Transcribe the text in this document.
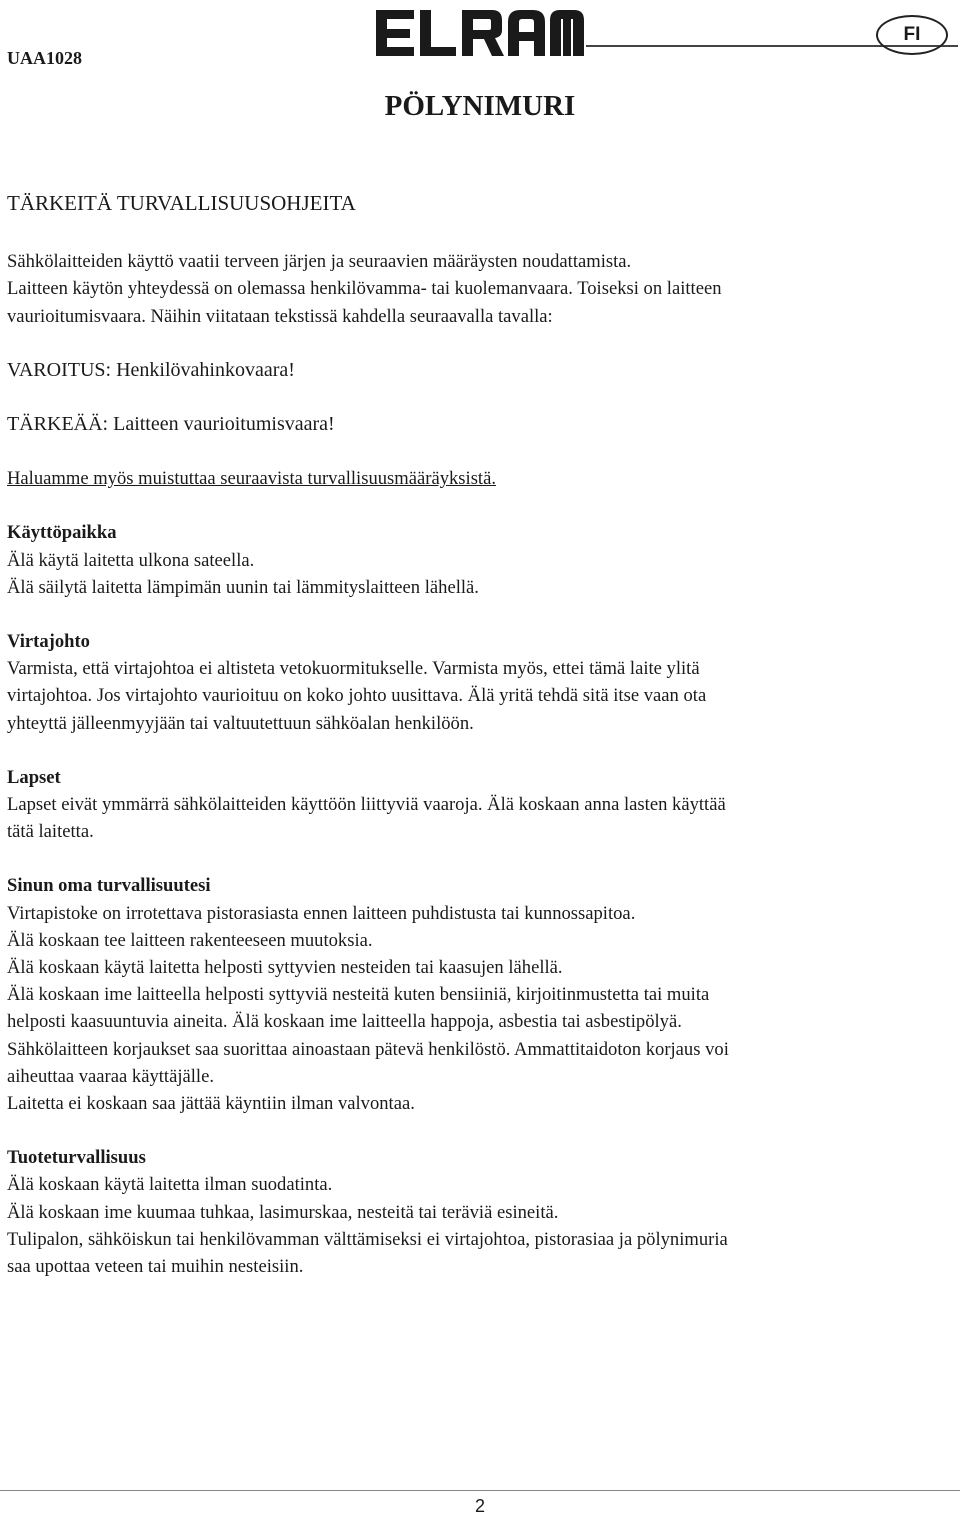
UAA1028
FI
PÖLYNIMURI

TÄRKEITÄ TURVALLISUUSOHJEITA

Sähkölaitteiden käyttö vaatii terveen järjen ja seuraavien määräysten noudattamista.

Laitteen käytön yhteydessä on olemassa henkilövamma- tai kuolemanvaara. Toiseksi on laitteen

vaurioitumisvaara. Näihin viitataan tekstissä kahdella seuraavalla tavalla:

VAROITUS: Henkilövahinkovaara!

TÄRKEÄÄ: Laitteen vaurioitumisvaara!

Haluamme myös muistuttaa seuraavista turvallisuusmääräyksistä.

Käyttöpaikka

Älä käytä laitetta ulkona sateella.

Älä säilytä laitetta lämpimän uunin tai lämmityslaitteen lähellä.

Virtajohto

Varmista, että virtajohtoa ei altisteta vetokuormitukselle. Varmista myös, ettei tämä laite ylitä

virtajohtoa. Jos virtajohto vaurioituu on koko johto uusittava. Älä yritä tehdä sitä itse vaan ota

yhteyttä jälleenmyyjään tai valtuutettuun sähköalan henkilöön.

Lapset

Lapset eivät ymmärrä sähkölaitteiden käyttöön liittyviä vaaroja. Älä koskaan anna lasten käyttää

tätä laitetta.

Sinun oma turvallisuutesi

Virtapistoke on irrotettava pistorasiasta ennen laitteen puhdistusta tai kunnossapitoa.

Älä koskaan tee laitteen rakenteeseen muutoksia.

Älä koskaan käytä laitetta helposti syttyvien nesteiden tai kaasujen lähellä.

Älä koskaan ime laitteella helposti syttyviä nesteitä kuten bensiiniä, kirjoitinmustetta tai muita

helposti kaasuuntuvia aineita. Älä koskaan ime laitteella happoja, asbestia tai asbestipölyä.

Sähkölaitteen korjaukset saa suorittaa ainoastaan pätevä henkilöstö. Ammattitaidoton korjaus voi

aiheuttaa vaaraa käyttäjälle.

Laitetta ei koskaan saa jättää käyntiin ilman valvontaa.

Tuoteturvallisuus

Älä koskaan käytä laitetta ilman suodatinta.

Älä koskaan ime kuumaa tuhkaa, lasimurskaa, nesteitä tai teräviä esineitä.

Tulipalon, sähköiskun tai henkilövamman välttämiseksi ei virtajohtoa, pistorasiaa ja pölynimuria

saa upottaa veteen tai muihin nesteisiin.

2
